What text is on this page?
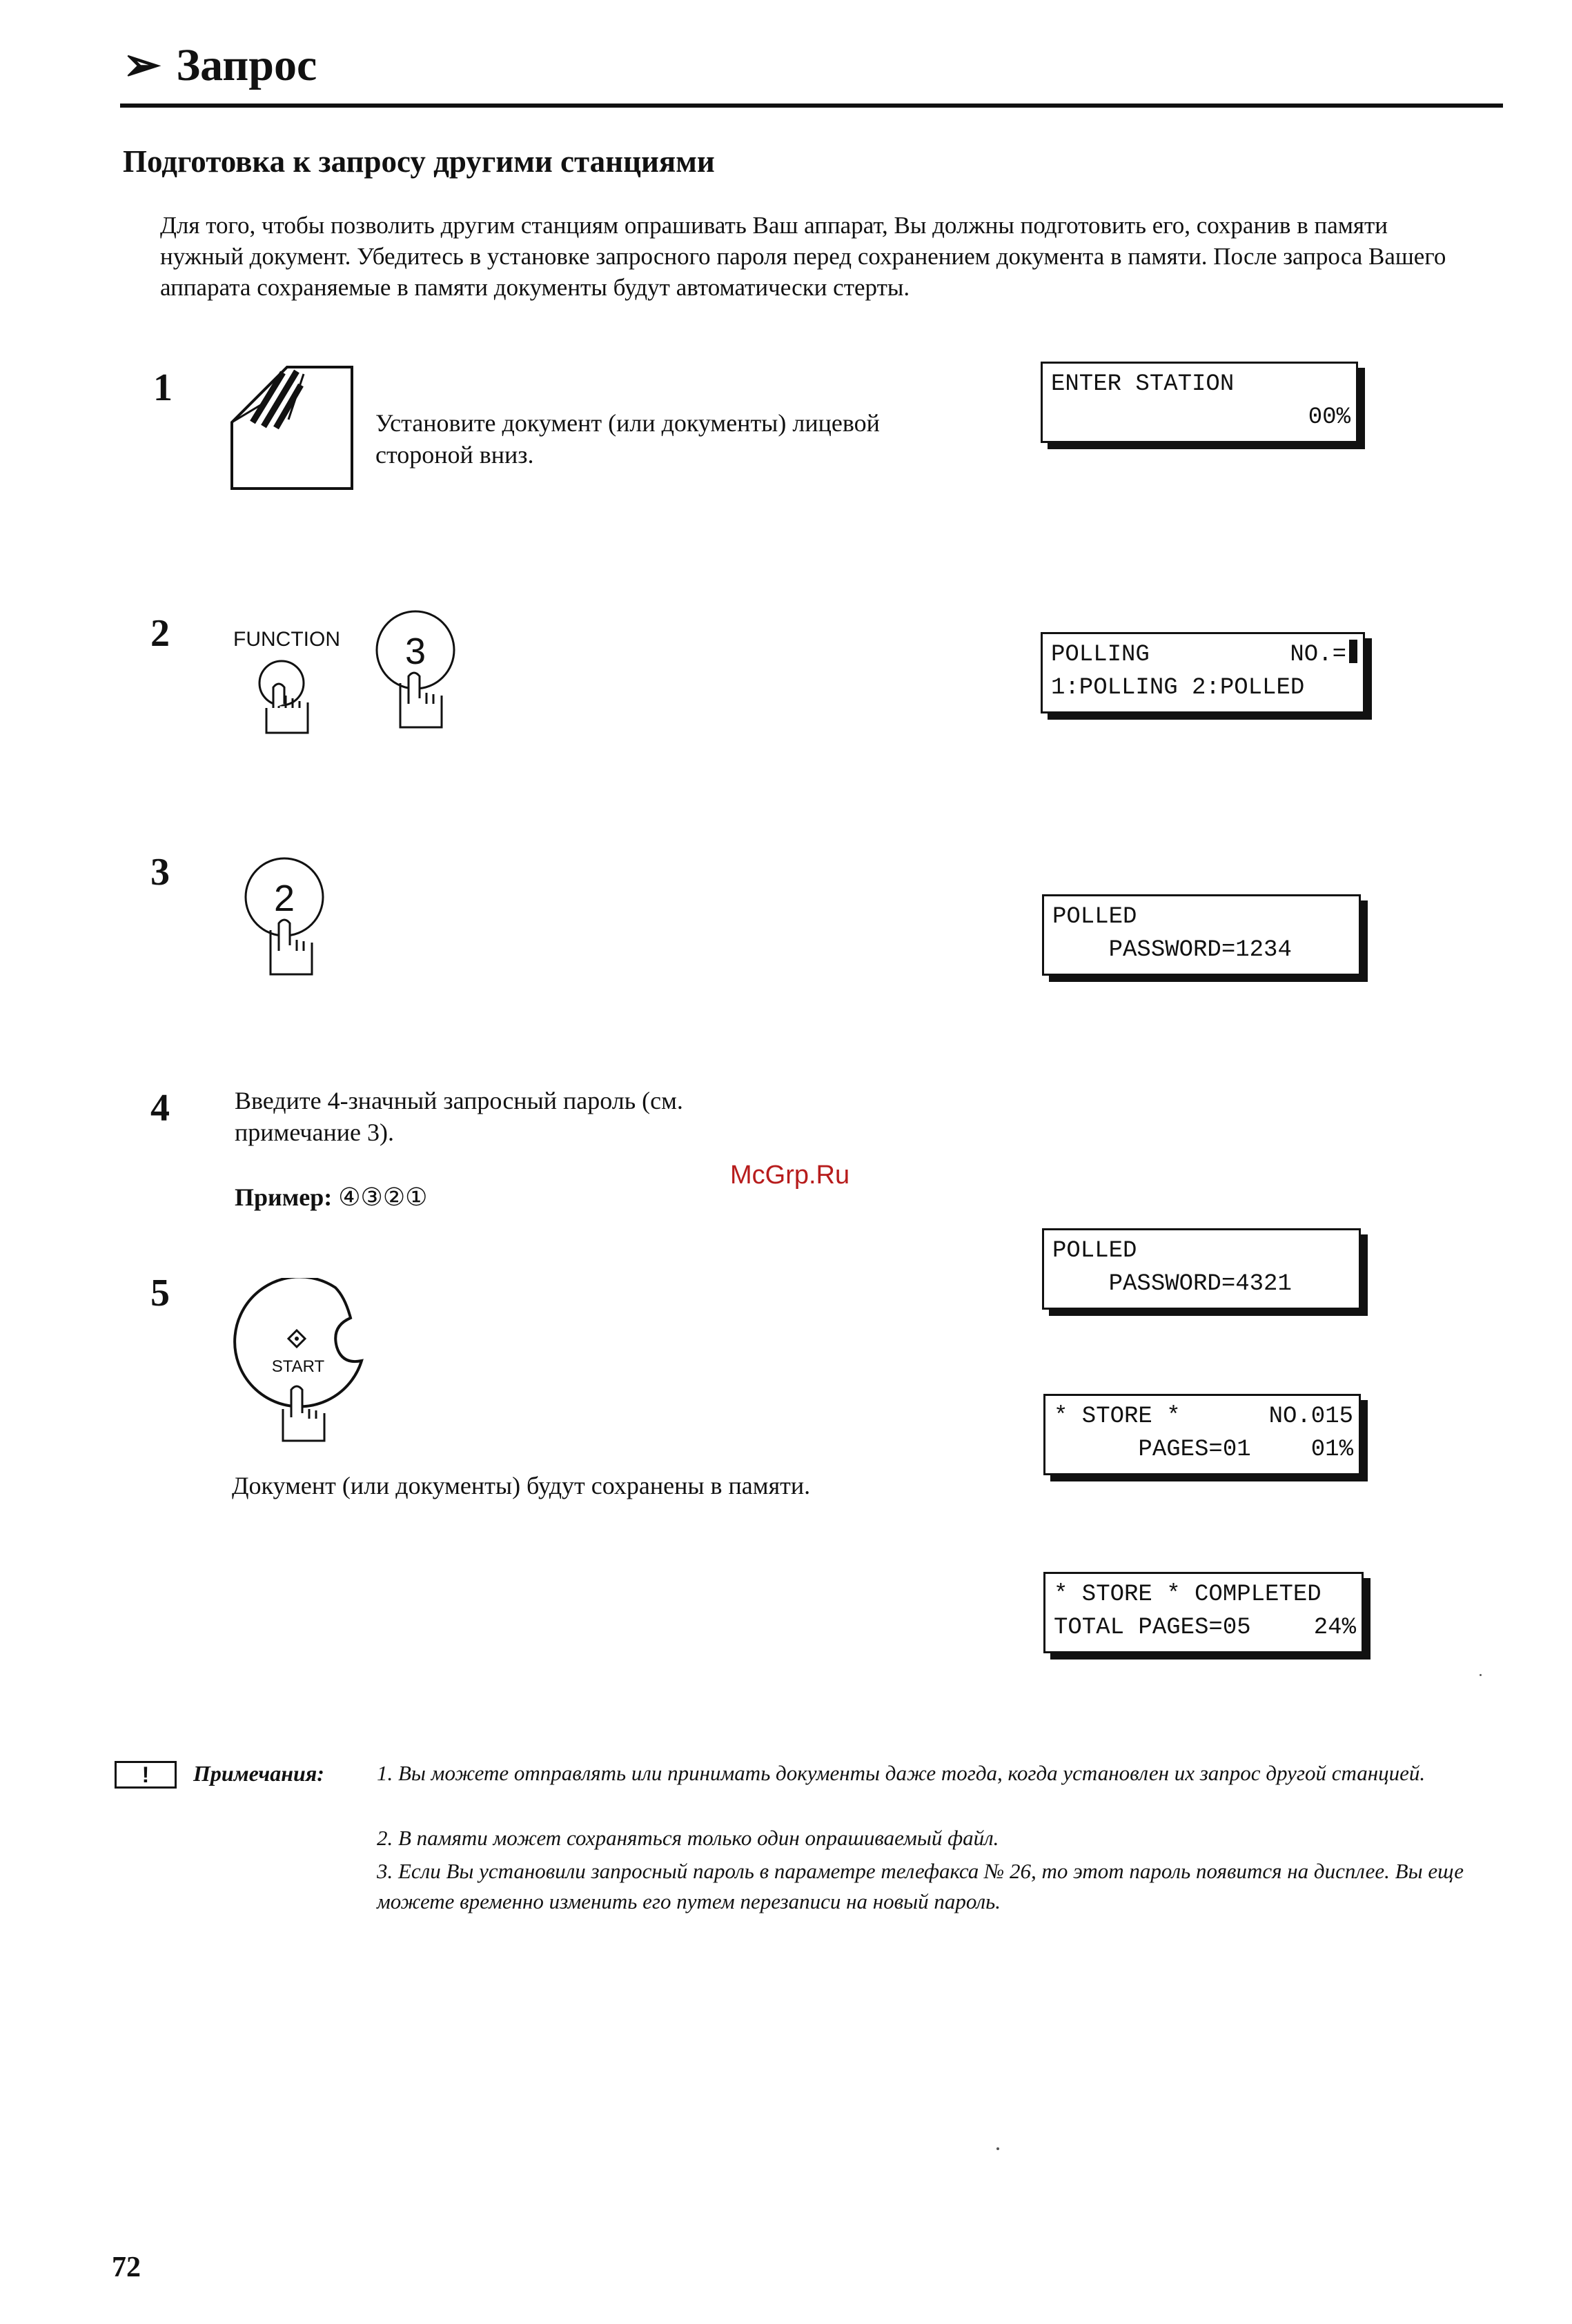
➢ Запрос
Подготовка к запросу другими станциями
Для того, чтобы позволить другим станциям опрашивать Ваш аппарат, Вы должны подготовить его, сохранив в памяти нужный документ. Убедитесь в установке запросного пароля перед сохранением документа в памяти. После запроса Вашего аппарата сохраняемые в памяти документы будут автоматически стерты.
1
Установите документ (или документы) лицевой стороной вниз.
2	FUNCTION 3
3
2
4	Введите 4-значный запросный пароль (см. примечание 3).
Пример: ④③②①
5
START
Документ (или документы) будут сохранены в памяти.
ENTER STATION
00%
NO.=
POLLING
1:POLLING 2:POLLED
POLLED
PASSWORD=1234
POLLED
PASSWORD=4321
NO.015
* STORE *
01%
PAGES=01
* STORE * COMPLETED
24%
TOTAL PAGES=05
McGrp.Ru
!	Примечания: 1. Вы можете отправлять или принимать документы даже тогда, когда установлен их запрос другой станцией.
2. В памяти может сохраняться только один опрашиваемый файл.
3. Если Вы установили запросный пароль в параметре телефакса № 26, то этот пароль появится на дисплее. Вы еще можете временно изменить его путем перезаписи на новый пароль.
72
